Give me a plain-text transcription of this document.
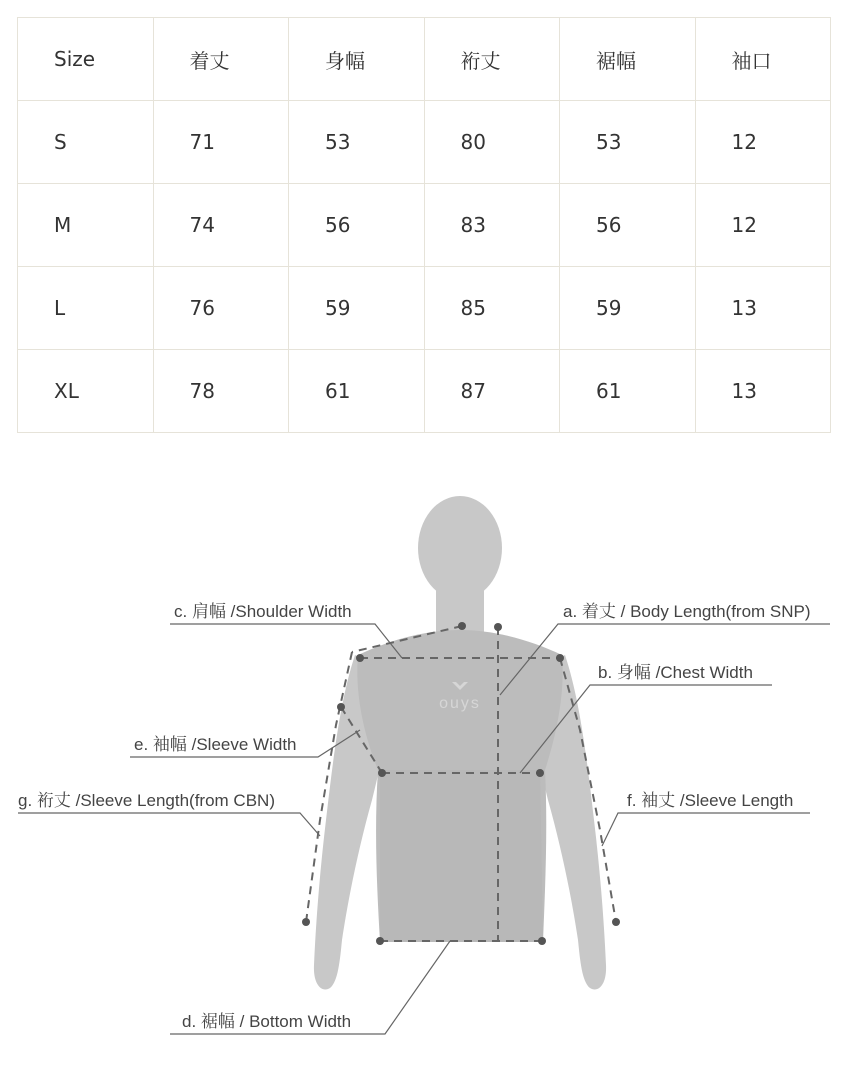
Size	着丈	身幅	裄丈	裾幅	袖口
S	71	53	80	53	12
M	74	56	83	56	12
L	76	59	85	59	13
XL	78	61	87	61	13
ouys
c. 肩幅 /Shoulder Width	a. 着丈 / Body Length(from SNP)
b. 身幅 /Chest Width
e. 袖幅 /Sleeve Width
g. 裄丈 /Sleeve Length(from CBN)	f. 袖丈 /Sleeve Length
d. 裾幅 / Bottom Width
